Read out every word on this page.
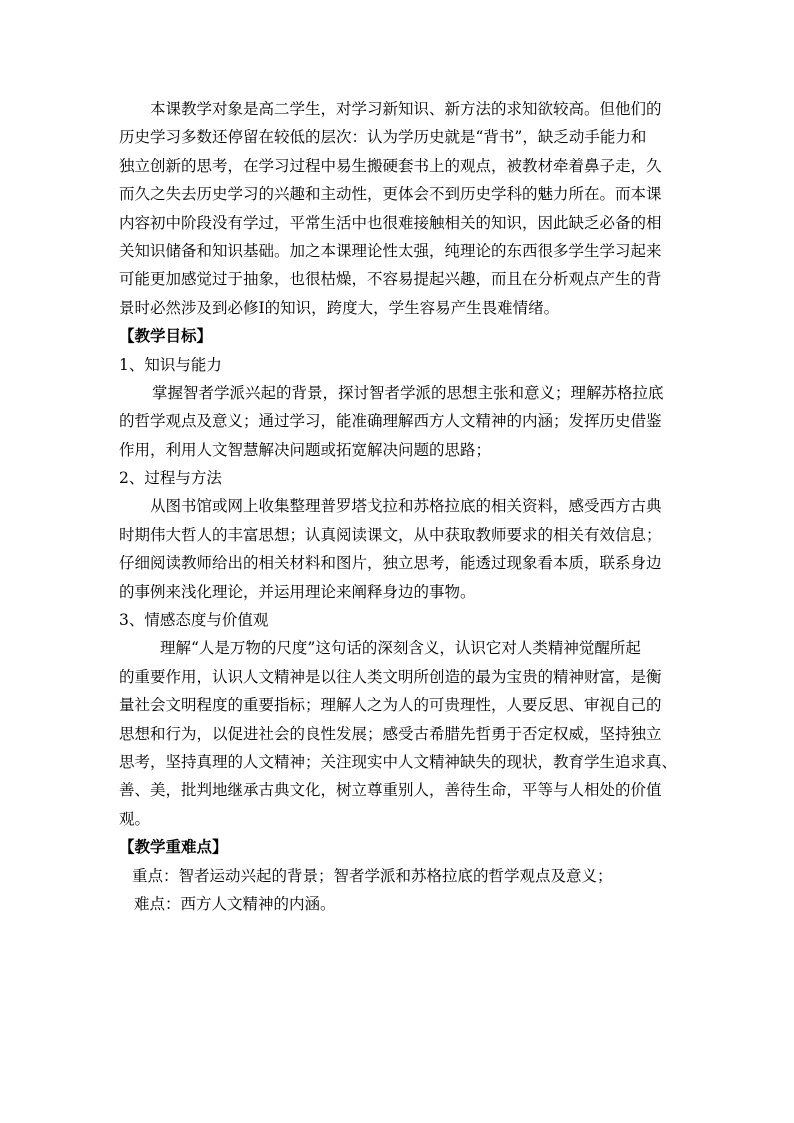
本课教学对象是高二学生，对学习新知识、新方法的求知欲较高。但他们的
历史学习多数还停留在较低的层次：认为学历史就是“背书”，缺乏动手能力和
独立创新的思考，在学习过程中易生搬硬套书上的观点，被教材牵着鼻子走，久
而久之失去历史学习的兴趣和主动性，更体会不到历史学科的魅力所在。而本课
内容初中阶段没有学过，平常生活中也很难接触相关的知识，因此缺乏必备的相
关知识储备和知识基础。加之本课理论性太强，纯理论的东西很多学生学习起来
可能更加感觉过于抽象，也很枯燥，不容易提起兴趣，而且在分析观点产生的背
景时必然涉及到必修Ⅰ的知识，跨度大，学生容易产生畏难情绪。
【教学目标】
1、知识与能力
掌握智者学派兴起的背景，探讨智者学派的思想主张和意义；理解苏格拉底
的哲学观点及意义；通过学习，能准确理解西方人文精神的内涵；发挥历史借鉴
作用，利用人文智慧解决问题或拓宽解决问题的思路；
2、过程与方法
从图书馆或网上收集整理普罗塔戈拉和苏格拉底的相关资料，感受西方古典
时期伟大哲人的丰富思想；认真阅读课文，从中获取教师要求的相关有效信息；
仔细阅读教师给出的相关材料和图片，独立思考，能透过现象看本质，联系身边
的事例来浅化理论，并运用理论来阐释身边的事物。
3、情感态度与价值观
理解“人是万物的尺度”这句话的深刻含义，认识它对人类精神觉醒所起
的重要作用，认识人文精神是以往人类文明所创造的最为宝贵的精神财富，是衡
量社会文明程度的重要指标；理解人之为人的可贵理性，人要反思、审视自己的
思想和行为，以促进社会的良性发展；感受古希腊先哲勇于否定权威，坚持独立
思考，坚持真理的人文精神；关注现实中人文精神缺失的现状，教育学生追求真、
善、美，批判地继承古典文化，树立尊重别人，善待生命，平等与人相处的价值
观。
【教学重难点】
重点：智者运动兴起的背景；智者学派和苏格拉底的哲学观点及意义；
难点：西方人文精神的内涵。
